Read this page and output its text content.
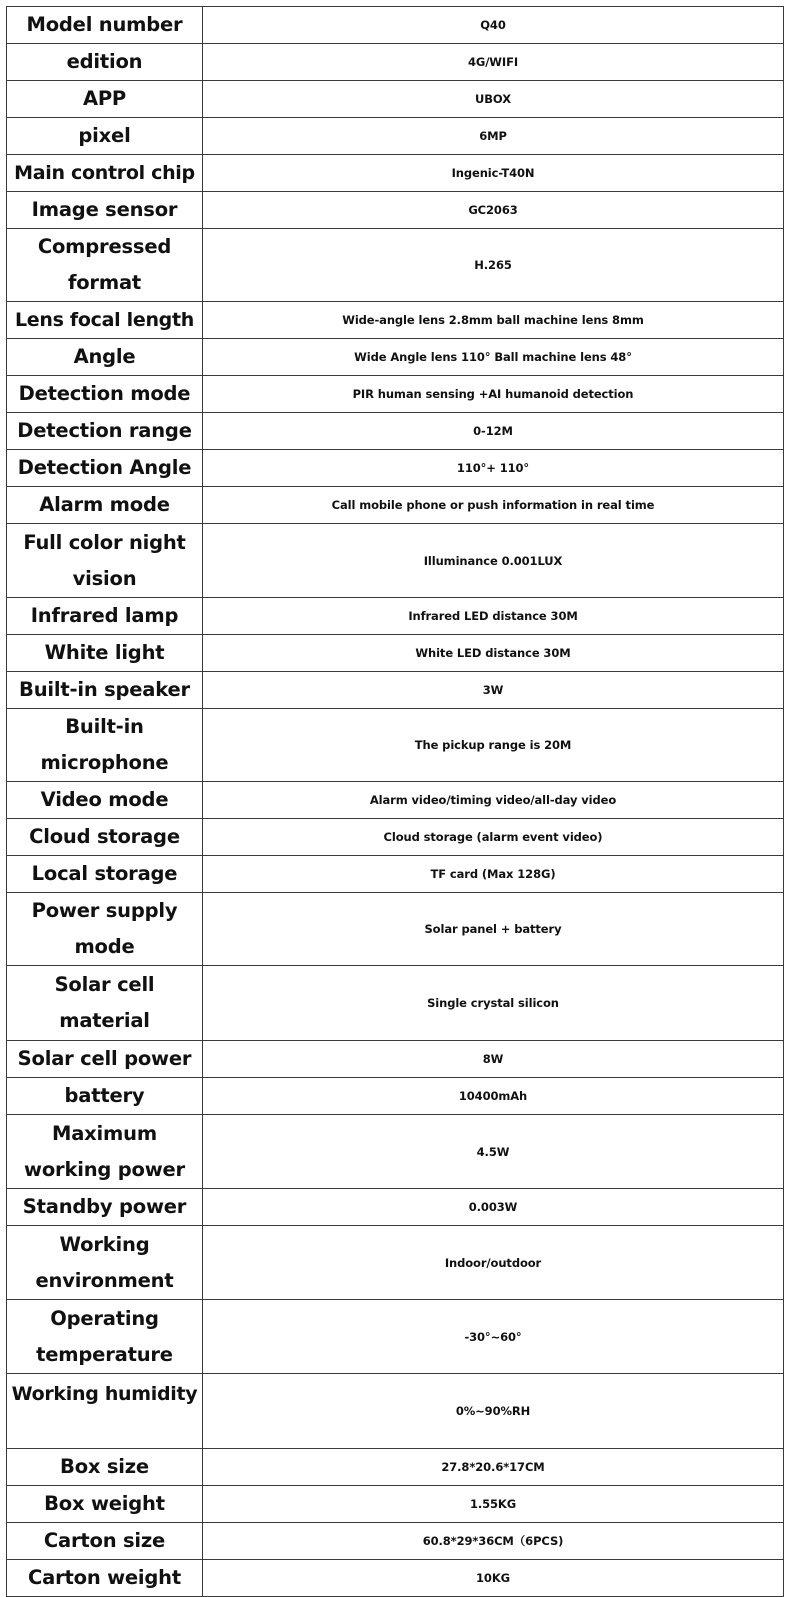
Model number	Q40
edition	4G/WIFI
APP	UBOX
pixel	6MP
Main control chip	Ingenic-T40N
Image sensor	GC2063
Compressed format	H.265
Lens focal length	Wide-angle lens 2.8mm ball machine lens 8mm
Angle	Wide Angle lens 110° Ball machine lens 48°
Detection mode	PIR human sensing +AI humanoid detection
Detection range	0-12M
Detection Angle	110°+ 110°
Alarm mode	Call mobile phone or push information in real time
Full color night vision	Illuminance 0.001LUX
Infrared lamp	Infrared LED distance 30M
White light	White LED distance 30M
Built-in speaker	3W
Built-in microphone	The pickup range is 20M
Video mode	Alarm video/timing video/all-day video
Cloud storage	Cloud storage (alarm event video)
Local storage	TF card (Max 128G)
Power supply mode	Solar panel + battery
Solar cell material	Single crystal silicon
Solar cell power	8W
battery	10400mAh
Maximum working power	4.5W
Standby power	0.003W
Working environment	Indoor/outdoor
Operating temperature	-30°~60°

Working humidity	0%~90%RH
Box size	27.8*20.6*17CM
Box weight	1.55KG
Carton size	60.8*29*36CM（6PCS)
Carton weight	10KG
